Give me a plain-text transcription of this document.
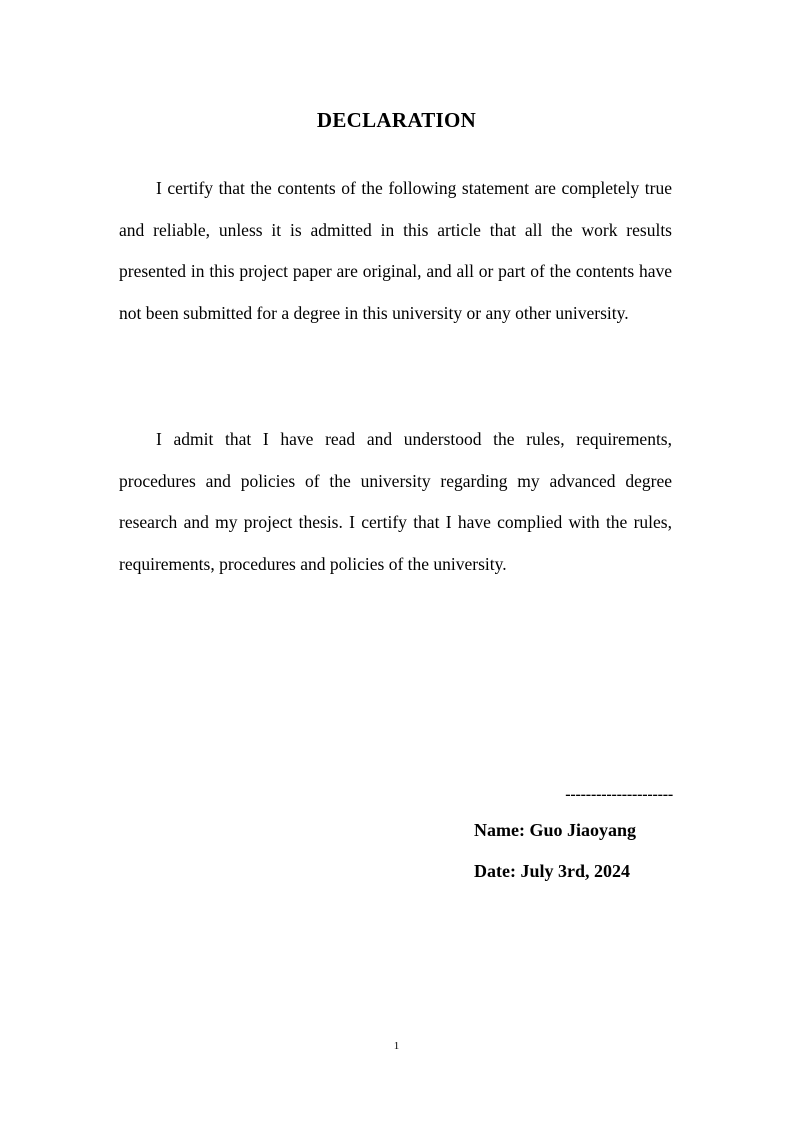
DECLARATION

I certify that the contents of the following statement are completely true and reliable, unless it is admitted in this article that all the work results presented in this project paper are original, and all or part of the contents have not been submitted for a degree in this university or any other university.

I admit that I have read and understood the rules, requirements, procedures and policies of the university regarding my advanced degree research and my project thesis. I certify that I have complied with the rules, requirements, procedures and policies of the university.

---------------------
Name: Guo Jiaoyang
Date: July 3rd, 2024
1
